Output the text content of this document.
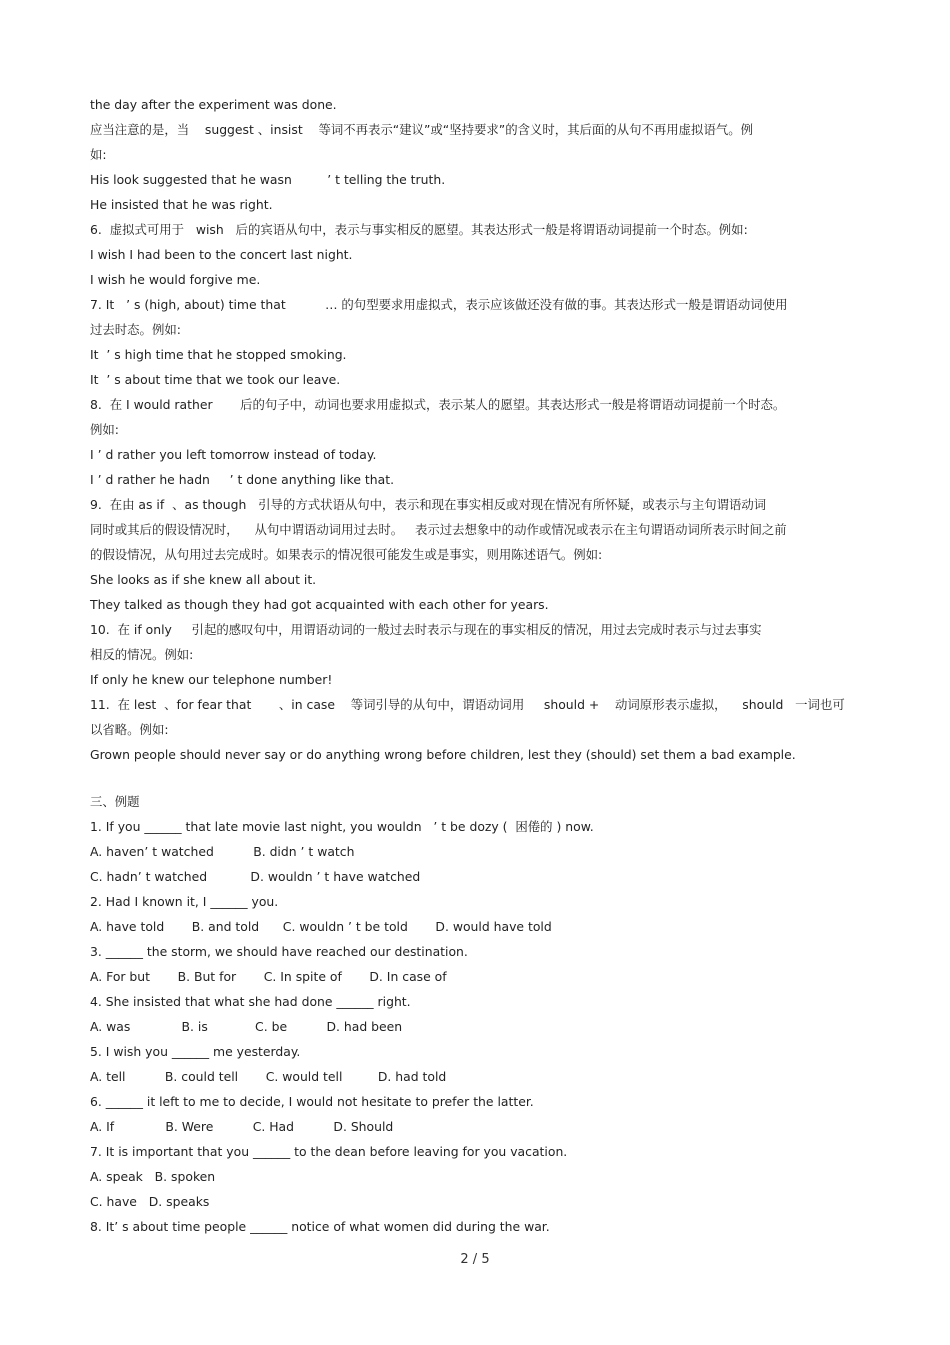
the day after the experiment was done.

应当注意的是，当    suggest 、insist    等词不再表示“建议”或“坚持要求”的含义时，其后面的从句不再用虚拟语气。例

如:

His look suggested that he wasn         ’ t telling the truth.

He insisted that he was right.

6.  虚拟式可用于   wish   后的宾语从句中，表示与事实相反的愿望。其表达形式一般是将谓语动词提前一个时态。例如:

I wish I had been to the concert last night.

I wish he would forgive me.

7. It   ’ s (high, about) time that          … 的句型要求用虚拟式，表示应该做还没有做的事。其表达形式一般是谓语动词使用

过去时态。例如:

It  ’ s high time that he stopped smoking.

It  ’ s about time that we took our leave.

8.  在 I would rather       后的句子中，动词也要求用虚拟式，表示某人的愿望。其表达形式一般是将谓语动词提前一个时态。

例如:

I ’ d rather you left tomorrow instead of today.

I ’ d rather he hadn     ’ t done anything like that.

9.  在由 as if  、as though   引导的方式状语从句中，表示和现在事实相反或对现在情况有所怀疑，或表示与主句谓语动词

同时或其后的假设情况时，    从句中谓语动词用过去时。   表示过去想象中的动作或情况或表示在主句谓语动词所表示时间之前

的假设情况，从句用过去完成时。如果表示的情况很可能发生或是事实，则用陈述语气。例如:

She looks as if she knew all about it.

They talked as though they had got acquainted with each other for years.

10.  在 if only     引起的感叹句中，用谓语动词的一般过去时表示与现在的事实相反的情况，用过去完成时表示与过去事实

相反的情况。例如:

If only he knew our telephone number!

11.  在 lest  、for fear that       、in case    等词引导的从句中，谓语动词用     should +    动词原形表示虚拟，    should   一词也可

以省略。例如:

Grown people should never say or do anything wrong before children, lest they (should) set them a bad example.

三、例题

1. If you ______ that late movie last night, you wouldn   ’ t be dozy (  困倦的 ) now.

A. haven’ t watched          B. didn ’ t watch

C. hadn’ t watched           D. wouldn ’ t have watched

2. Had I known it, I ______ you.

A. have told       B. and told      C. wouldn ’ t be told       D. would have told

3. ______ the storm, we should have reached our destination.

A. For but       B. But for       C. In spite of       D. In case of

4. She insisted that what she had done ______ right.

A. was             B. is            C. be          D. had been

5. I wish you ______ me yesterday.

A. tell          B. could tell       C. would tell         D. had told

6. ______ it left to me to decide, I would not hesitate to prefer the latter.

A. If             B. Were          C. Had          D. Should

7. It is important that you ______ to the dean before leaving for you vacation.

A. speak   B. spoken

C. have   D. speaks

8. It’ s about time people ______ notice of what women did during the war.

2 / 5
